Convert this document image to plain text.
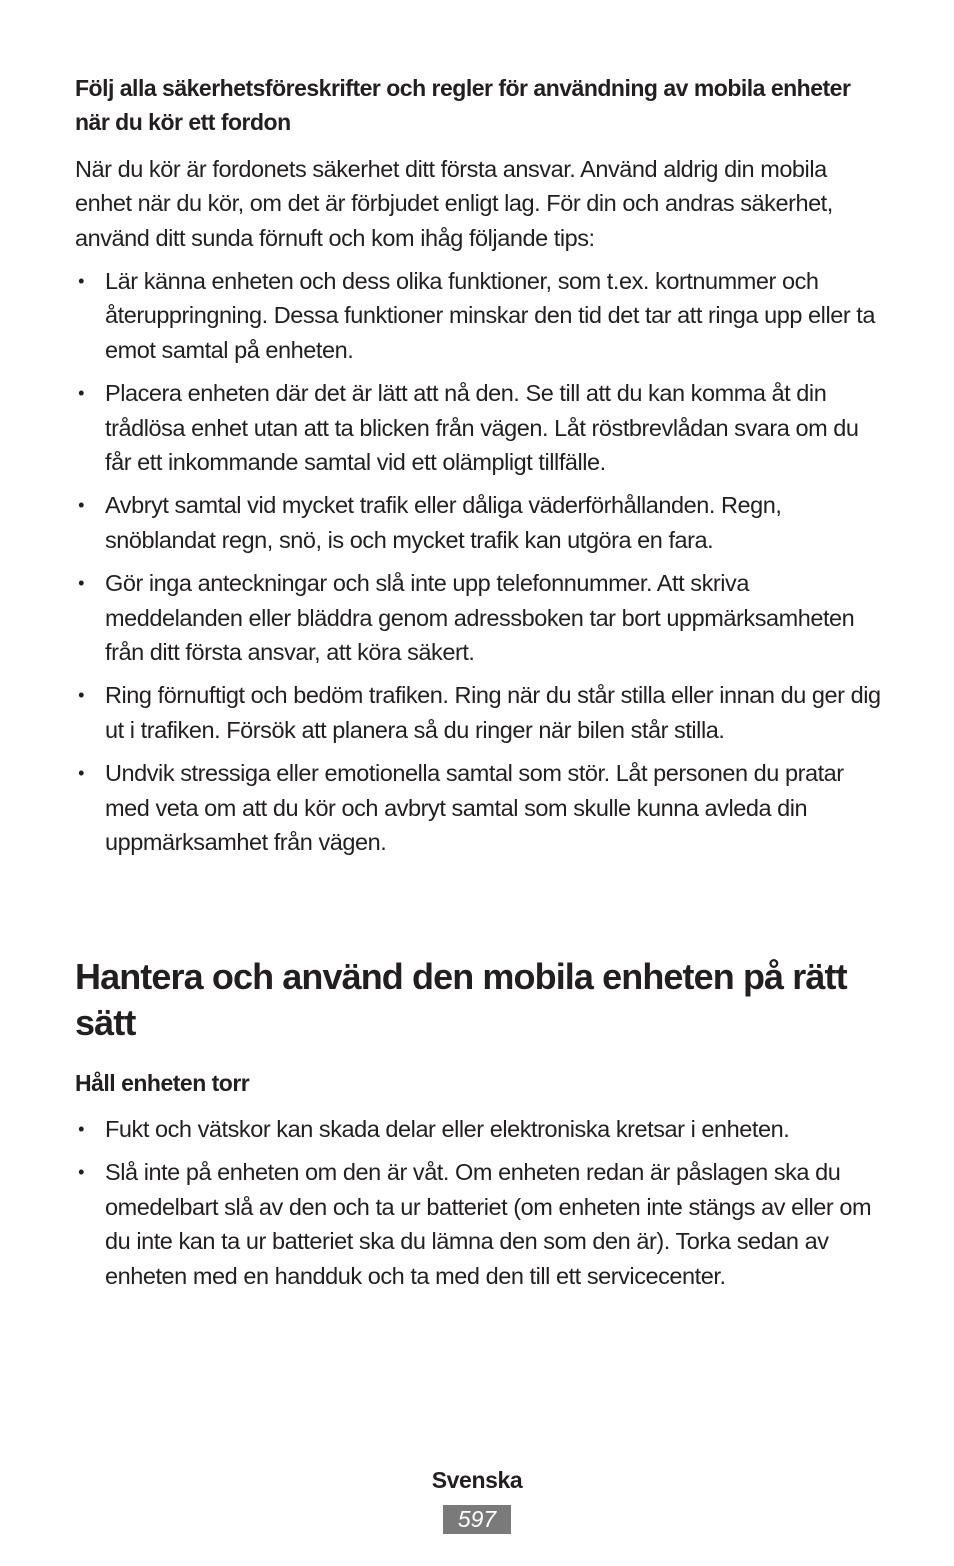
Följ alla säkerhetsföreskrifter och regler för användning av mobila enheter när du kör ett fordon

När du kör är fordonets säkerhet ditt första ansvar. Använd aldrig din mobila enhet när du kör, om det är förbjudet enligt lag. För din och andras säkerhet, använd ditt sunda förnuft och kom ihåg följande tips:

• Lär känna enheten och dess olika funktioner, som t.ex. kortnummer och återuppringning. Dessa funktioner minskar den tid det tar att ringa upp eller ta emot samtal på enheten.
• Placera enheten där det är lätt att nå den. Se till att du kan komma åt din trådlösa enhet utan att ta blicken från vägen. Låt röstbrevlådan svara om du får ett inkommande samtal vid ett olämpligt tillfälle.
• Avbryt samtal vid mycket trafik eller dåliga väderförhållanden. Regn, snöblandat regn, snö, is och mycket trafik kan utgöra en fara.
• Gör inga anteckningar och slå inte upp telefonnummer. Att skriva meddelanden eller bläddra genom adressboken tar bort uppmärksamheten från ditt första ansvar, att köra säkert.
• Ring förnuftigt och bedöm trafiken. Ring när du står stilla eller innan du ger dig ut i trafiken. Försök att planera så du ringer när bilen står stilla.
• Undvik stressiga eller emotionella samtal som stör. Låt personen du pratar med veta om att du kör och avbryt samtal som skulle kunna avleda din uppmärksamhet från vägen.
Hantera och använd den mobila enheten på rätt sätt
Håll enheten torr
• Fukt och vätskor kan skada delar eller elektroniska kretsar i enheten.
• Slå inte på enheten om den är våt. Om enheten redan är påslagen ska du omedelbart slå av den och ta ur batteriet (om enheten inte stängs av eller om du inte kan ta ur batteriet ska du lämna den som den är). Torka sedan av enheten med en handduk och ta med den till ett servicecenter.
Svenska
597
